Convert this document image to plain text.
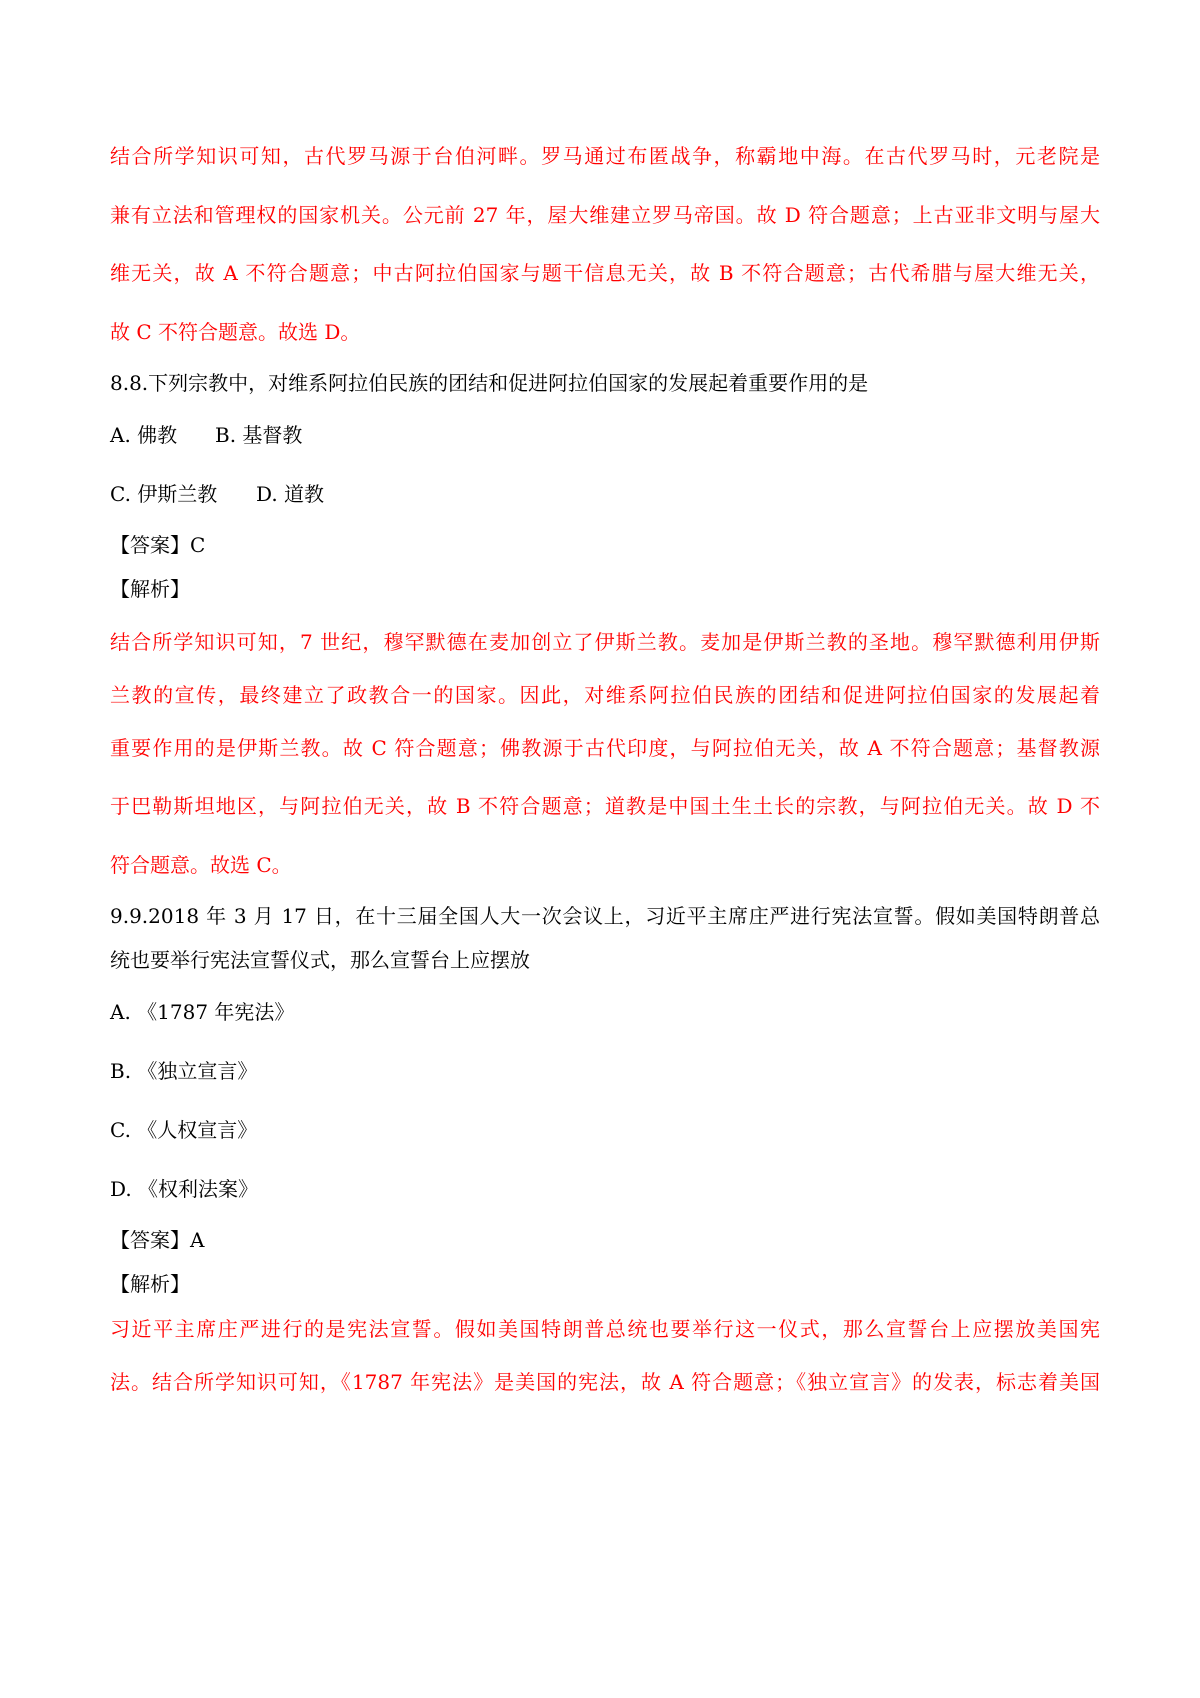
结合所学知识可知，古代罗马源于台伯河畔。罗马通过布匿战争，称霸地中海。在古代罗马时，元老院是
兼有立法和管理权的国家机关。公元前 27 年，屋大维建立罗马帝国。故 D 符合题意；上古亚非文明与屋大
维无关，故 A 不符合题意；中古阿拉伯国家与题干信息无关，故 B 不符合题意；古代希腊与屋大维无关，
故 C 不符合题意。故选 D。
8.8.下列宗教中，对维系阿拉伯民族的团结和促进阿拉伯国家的发展起着重要作用的是
A. 佛教 B. 基督教
C. 伊斯兰教 D. 道教
【答案】C
【解析】
结合所学知识可知，7 世纪，穆罕默德在麦加创立了伊斯兰教。麦加是伊斯兰教的圣地。穆罕默德利用伊斯
兰教的宣传，最终建立了政教合一的国家。因此，对维系阿拉伯民族的团结和促进阿拉伯国家的发展起着
重要作用的是伊斯兰教。故 C 符合题意；佛教源于古代印度，与阿拉伯无关，故 A 不符合题意；基督教源
于巴勒斯坦地区，与阿拉伯无关，故 B 不符合题意；道教是中国土生土长的宗教，与阿拉伯无关。故 D 不
符合题意。故选 C。
9.9.2018 年 3 月 17 日，在十三届全国人大一次会议上，习近平主席庄严进行宪法宣誓。假如美国特朗普总
统也要举行宪法宣誓仪式，那么宣誓台上应摆放
A. 《1787 年宪法》
B. 《独立宣言》
C. 《人权宣言》
D. 《权利法案》
【答案】A
【解析】
习近平主席庄严进行的是宪法宣誓。假如美国特朗普总统也要举行这一仪式，那么宣誓台上应摆放美国宪
法。结合所学知识可知，《1787 年宪法》是美国的宪法，故 A 符合题意；《独立宣言》的发表，标志着美国
